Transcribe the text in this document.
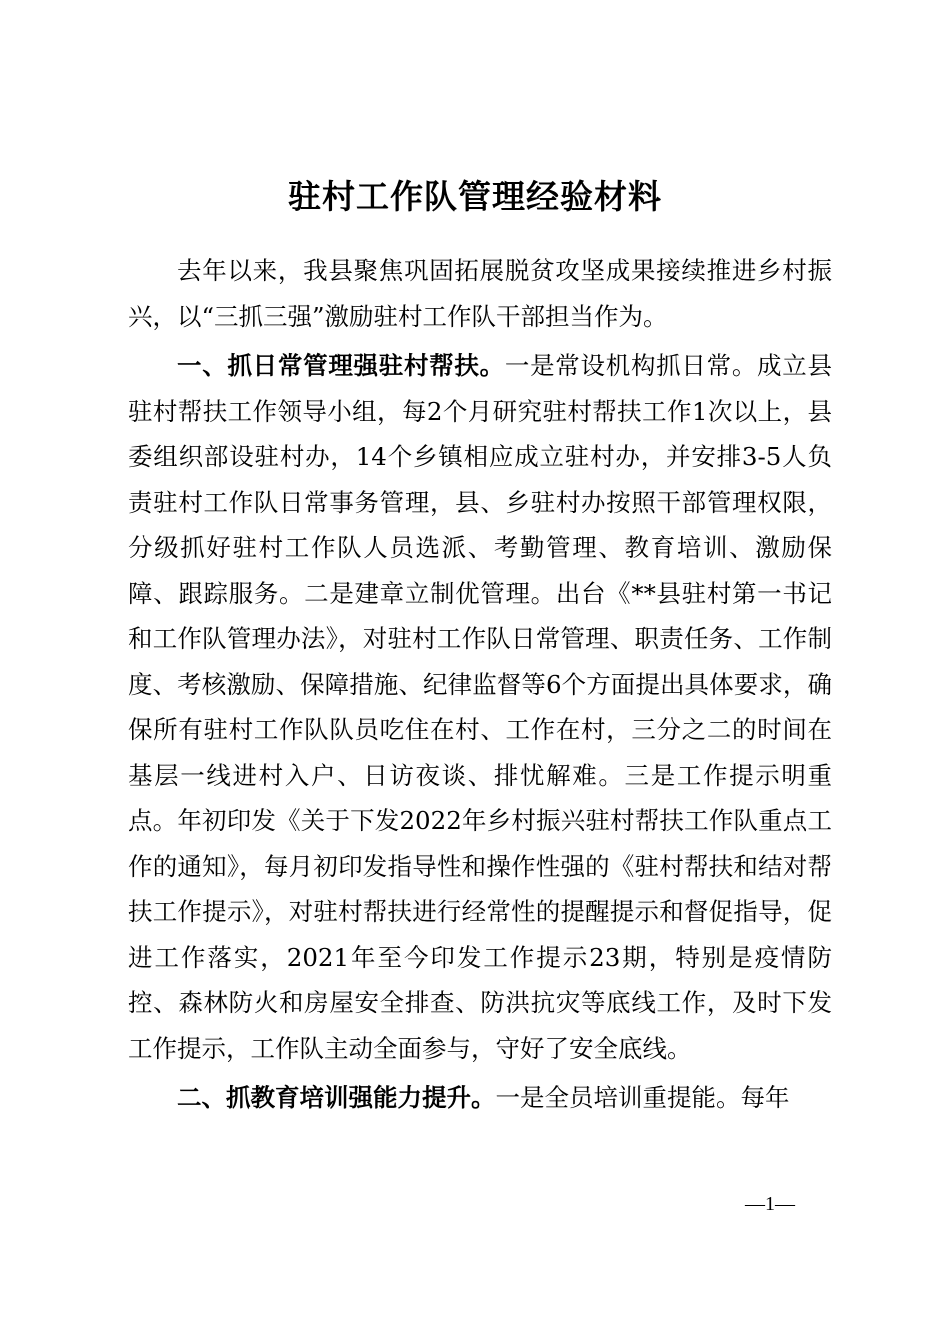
驻村工作队管理经验材料

去年以来，我县聚焦巩固拓展脱贫攻坚成果接续推进乡村振兴，以“三抓三强”激励驻村工作队干部担当作为。

一、抓日常管理强驻村帮扶。一是常设机构抓日常。成立县驻村帮扶工作领导小组，每2个月研究驻村帮扶工作1次以上，县委组织部设驻村办，14个乡镇相应成立驻村办，并安排3-5人负责驻村工作队日常事务管理，县、乡驻村办按照干部管理权限，分级抓好驻村工作队人员选派、考勤管理、教育培训、激励保障、跟踪服务。二是建章立制优管理。出台《**县驻村第一书记和工作队管理办法》，对驻村工作队日常管理、职责任务、工作制度、考核激励、保障措施、纪律监督等6个方面提出具体要求，确保所有驻村工作队队员吃住在村、工作在村，三分之二的时间在基层一线进村入户、日访夜谈、排忧解难。三是工作提示明重点。年初印发《关于下发2022年乡村振兴驻村帮扶工作队重点工作的通知》，每月初印发指导性和操作性强的《驻村帮扶和结对帮扶工作提示》，对驻村帮扶进行经常性的提醒提示和督促指导，促进工作落实，2021年至今印发工作提示23期，特别是疫情防控、森林防火和房屋安全排查、防洪抗灾等底线工作，及时下发工作提示，工作队主动全面参与，守好了安全底线。

二、抓教育培训强能力提升。一是全员培训重提能。每年

—1—
